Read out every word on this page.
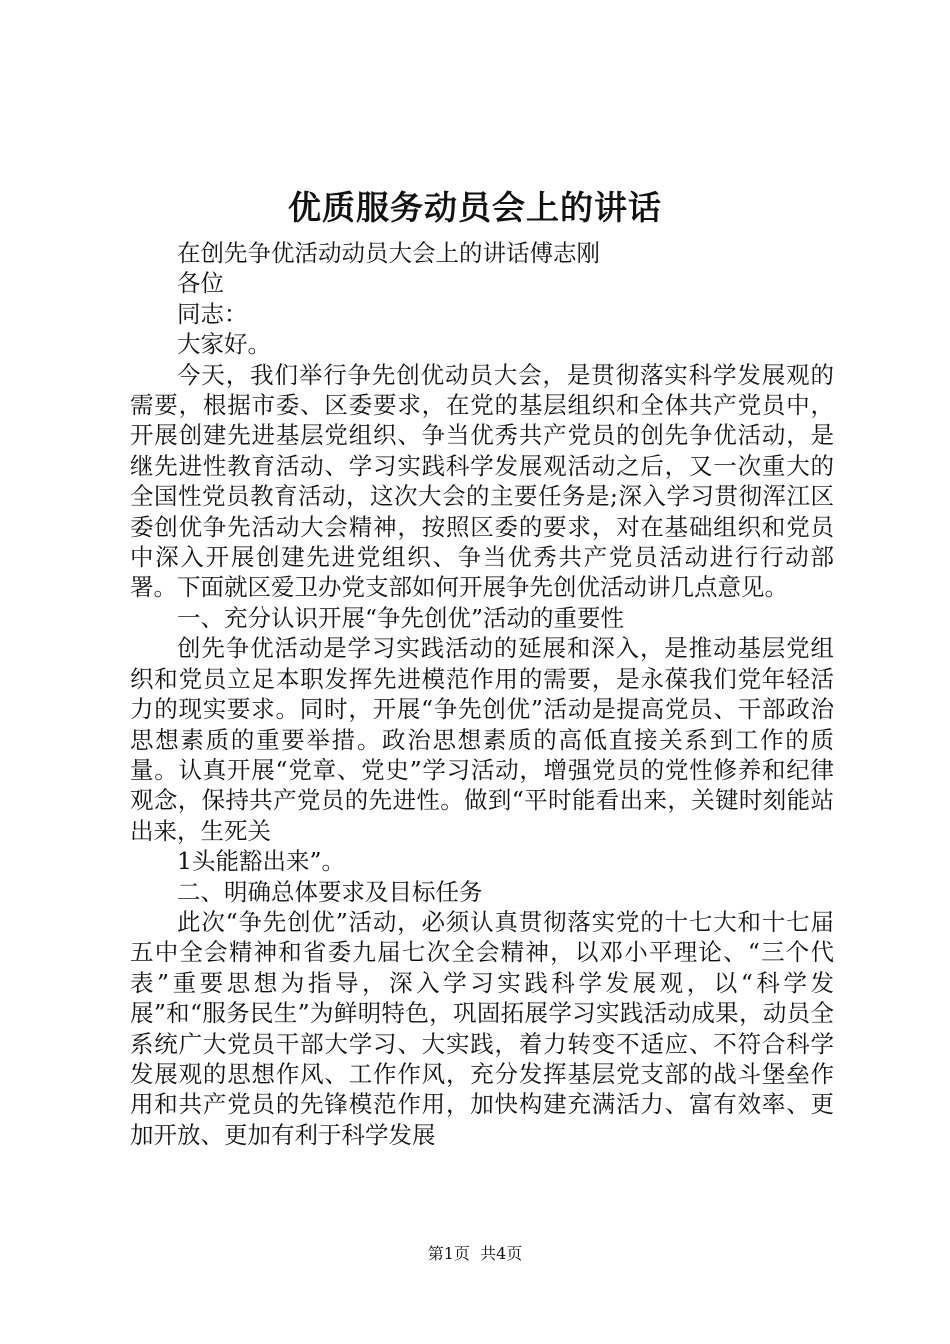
优质服务动员会上的讲话

在创先争优活动动员大会上的讲话傅志刚

各位

同志：

大家好。

今天，我们举行争先创优动员大会，是贯彻落实科学发展观的需要，根据市委、区委要求，在党的基层组织和全体共产党员中，开展创建先进基层党组织、争当优秀共产党员的创先争优活动，是继先进性教育活动、学习实践科学发展观活动之后，又一次重大的全国性党员教育活动，这次大会的主要任务是;深入学习贯彻浑江区委创优争先活动大会精神，按照区委的要求，对在基础组织和党员中深入开展创建先进党组织、争当优秀共产党员活动进行行动部署。下面就区爱卫办党支部如何开展争先创优活动讲几点意见。

一、充分认识开展“争先创优”活动的重要性

创先争优活动是学习实践活动的延展和深入，是推动基层党组织和党员立足本职发挥先进模范作用的需要，是永葆我们党年轻活力的现实要求。同时，开展“争先创优”活动是提高党员、干部政治思想素质的重要举措。政治思想素质的高低直接关系到工作的质量。认真开展“党章、党史”学习活动，增强党员的党性修养和纪律观念，保持共产党员的先进性。做到“平时能看出来，关键时刻能站出来，生死关

1头能豁出来”。

二、明确总体要求及目标任务

此次“争先创优”活动，必须认真贯彻落实党的十七大和十七届五中全会精神和省委九届七次全会精神，以邓小平理论、“三个代表”重要思想为指导，深入学习实践科学发展观，以“科学发展”和“服务民生”为鲜明特色，巩固拓展学习实践活动成果，动员全系统广大党员干部大学习、大实践，着力转变不适应、不符合科学发展观的思想作风、工作作风，充分发挥基层党支部的战斗堡垒作用和共产党员的先锋模范作用，加快构建充满活力、富有效率、更加开放、更加有利于科学发展

第1页  共4页
